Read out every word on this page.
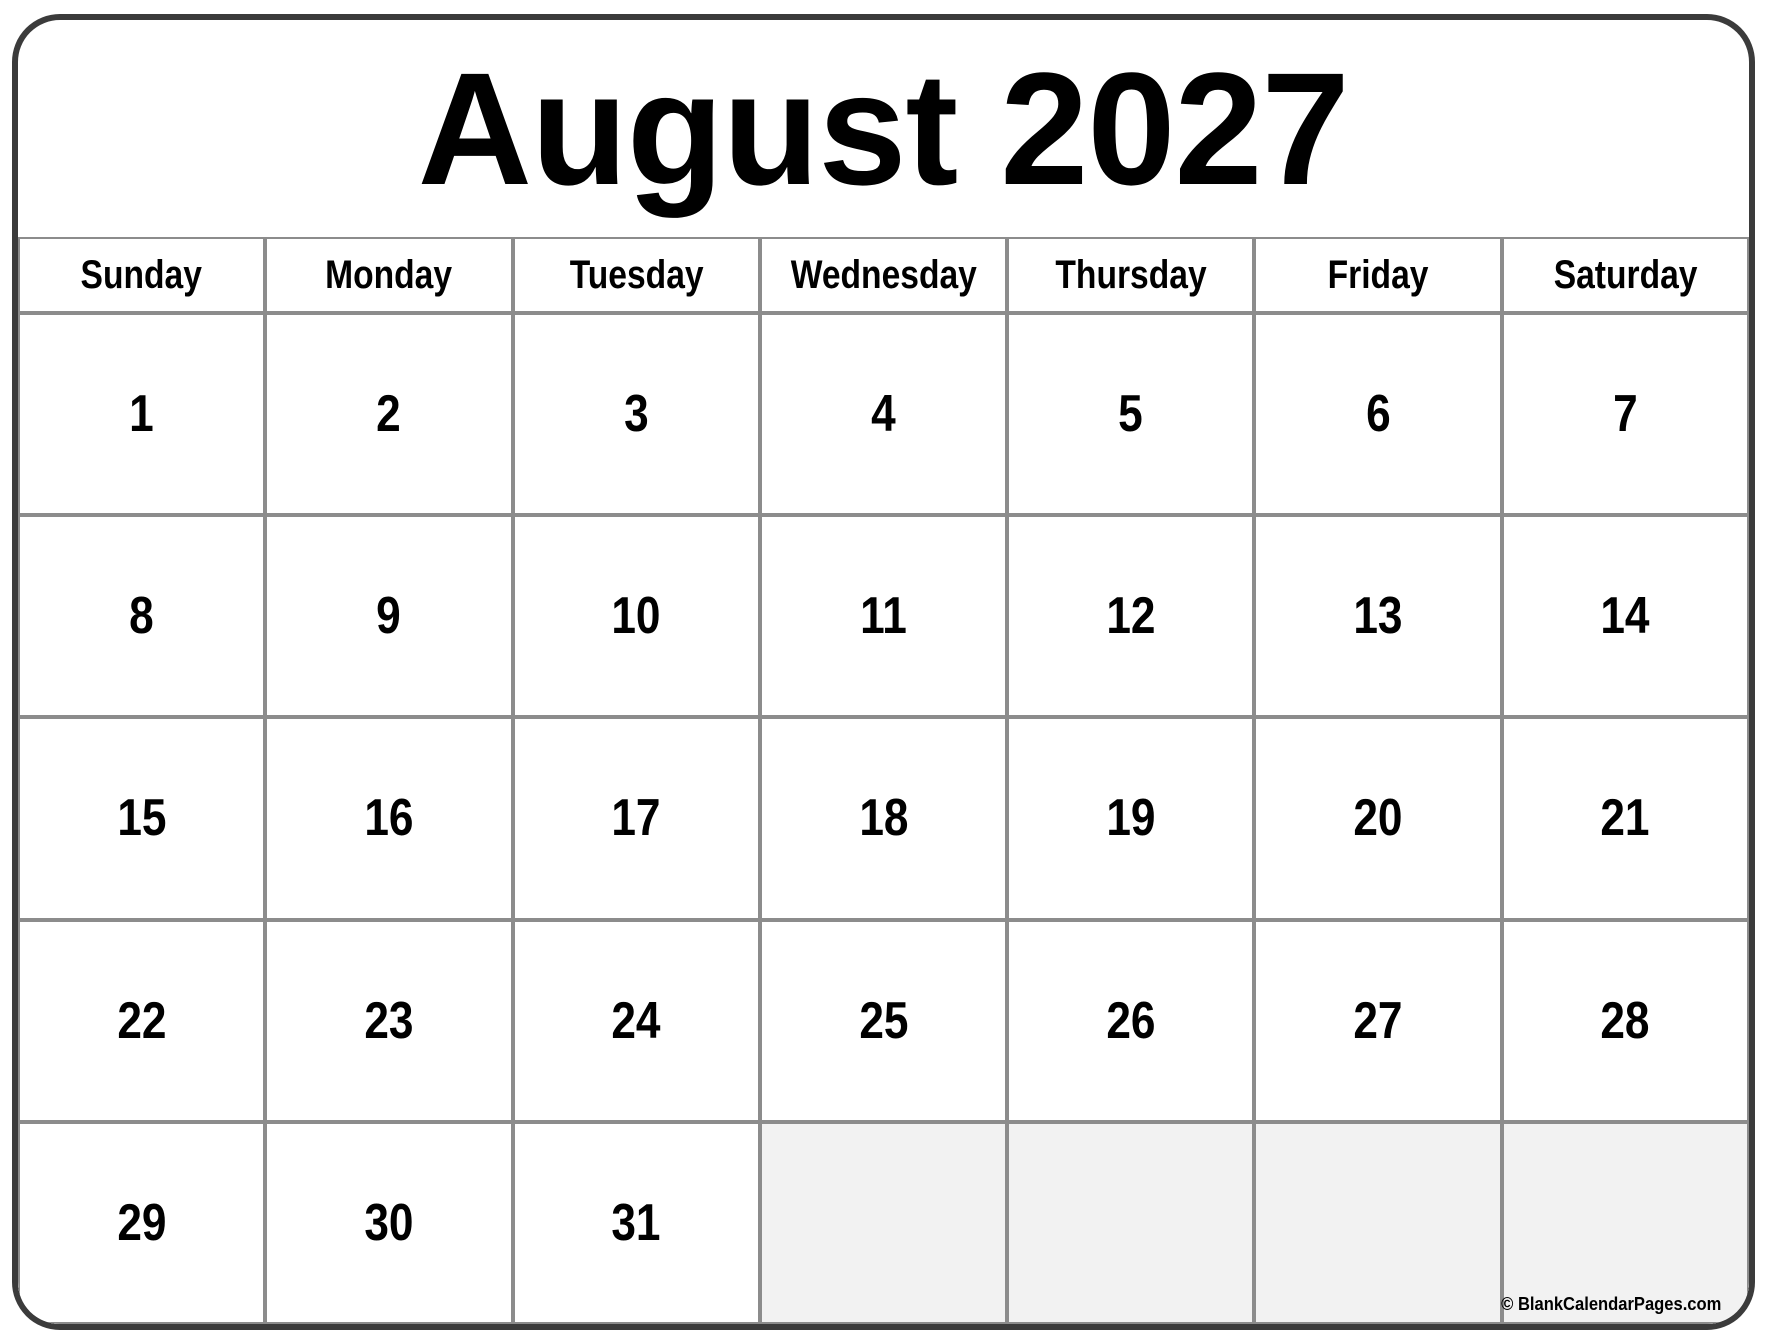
August 2027
Sunday	Monday	Tuesday Wednesday Thursday	Friday	Saturday
1	2	3	4	5	6	7
8	9	10	11	12	13	14
15	16	17	18	19	20	21
22	23	24	25	26	27	28
29	30	31
© BlankCalendarPages.com
